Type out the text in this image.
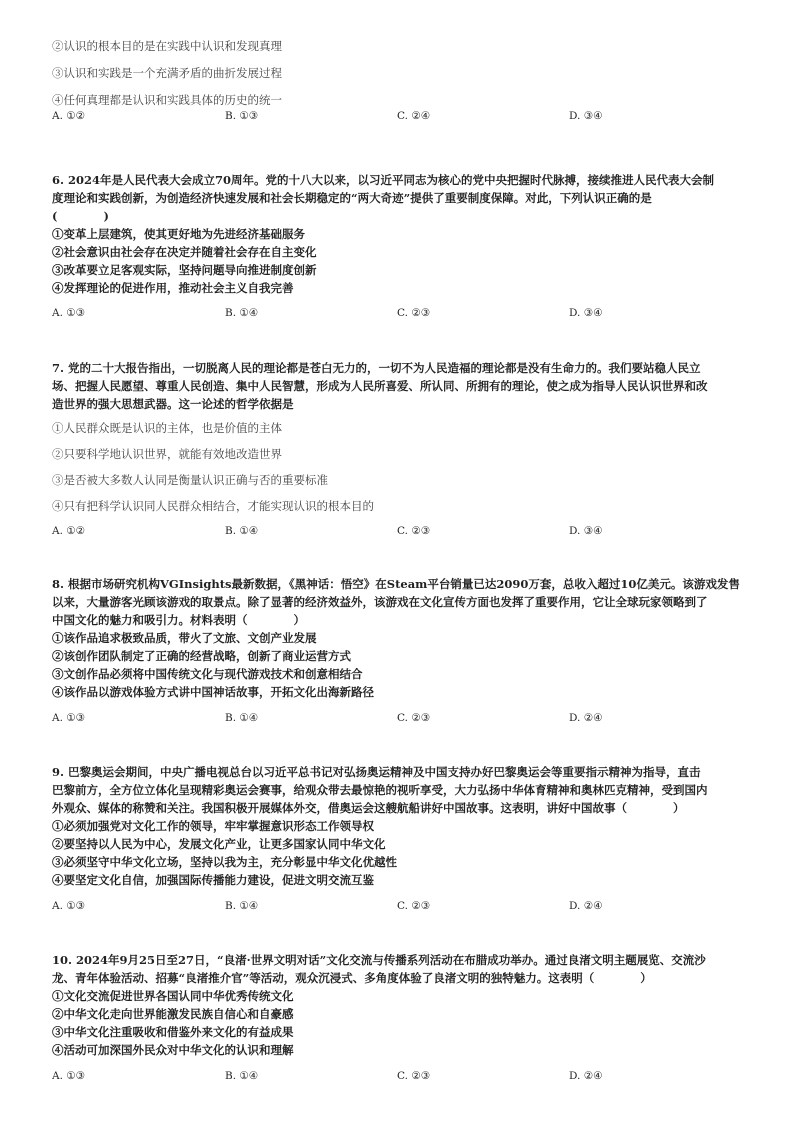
②认识的根本目的是在实践中认识和发现真理
③认识和实践是一个充满矛盾的曲折发展过程
④任何真理都是认识和实践具体的历史的统一
A. ①②	B. ①③	C. ②④	D. ③④
6. 2024年是人民代表大会成立70周年。党的十八大以来，以习近平同志为核心的党中央把握时代脉搏，接续推进人民代表大会制
度理论和实践创新，为创造经济快速发展和社会长期稳定的“两大奇迹”提供了重要制度保障。对此，下列认识正确的是
(　　　　)
①变革上层建筑，使其更好地为先进经济基础服务
②社会意识由社会存在决定并随着社会存在自主变化
③改革要立足客观实际，坚持问题导向推进制度创新
④发挥理论的促进作用，推动社会主义自我完善
A. ①③	B. ①④	C. ②③	D. ③④
7. 党的二十大报告指出，一切脱离人民的理论都是苍白无力的，一切不为人民造福的理论都是没有生命力的。我们要站稳人民立
场、把握人民愿望、尊重人民创造、集中人民智慧，形成为人民所喜爱、所认同、所拥有的理论，使之成为指导人民认识世界和改
造世界的强大思想武器。这一论述的哲学依据是
①人民群众既是认识的主体，也是价值的主体
②只要科学地认识世界，就能有效地改造世界
③是否被大多数人认同是衡量认识正确与否的重要标准
④只有把科学认识同人民群众相结合，才能实现认识的根本目的
A. ①②	B. ①④	C. ②③	D. ③④
8. 根据市场研究机构VGInsights最新数据，《黑神话：悟空》在Steam平台销量已达2090万套，总收入超过10亿美元。该游戏发售
以来，大量游客光顾该游戏的取景点。除了显著的经济效益外，该游戏在文化宣传方面也发挥了重要作用，它让全球玩家领略到了
中国文化的魅力和吸引力。材料表明（　　　　）
①该作品追求极致品质，带火了文旅、文创产业发展
②该创作团队制定了正确的经营战略，创新了商业运营方式
③文创作品必须将中国传统文化与现代游戏技术和创意相结合
④该作品以游戏体验方式讲中国神话故事，开拓文化出海新路径
A. ①③	B. ①④	C. ②③	D. ②④
9. 巴黎奥运会期间，中央广播电视总台以习近平总书记对弘扬奥运精神及中国支持办好巴黎奥运会等重要指示精神为指导，直击
巴黎前方，全方位立体化呈现精彩奥运会赛事，给观众带去最惊艳的视听享受，大力弘扬中华体育精神和奥林匹克精神，受到国内
外观众、媒体的称赞和关注。我国积极开展媒体外交，借奥运会这艘航船讲好中国故事。这表明，讲好中国故事（　　　　）
①必须加强党对文化工作的领导，牢牢掌握意识形态工作领导权
②要坚持以人民为中心，发展文化产业，让更多国家认同中华文化
③必须坚守中华文化立场，坚持以我为主，充分彰显中华文化优越性
④要坚定文化自信，加强国际传播能力建设，促进文明交流互鉴
A. ①③	B. ①④	C. ②③	D. ②④
10. 2024年9月25日至27日，“良渚·世界文明对话”文化交流与传播系列活动在布腊成功举办。通过良渚文明主题展览、交流沙
龙、青年体验活动、招募“良渚推介官”等活动，观众沉浸式、多角度体验了良渚文明的独特魅力。这表明（　　　　）
①文化交流促进世界各国认同中华优秀传统文化
②中华文化走向世界能激发民族自信心和自豪感
③中华文化注重吸收和借鉴外来文化的有益成果
④活动可加深国外民众对中华文化的认识和理解
A. ①③	B. ①④	C. ②③	D. ②④
